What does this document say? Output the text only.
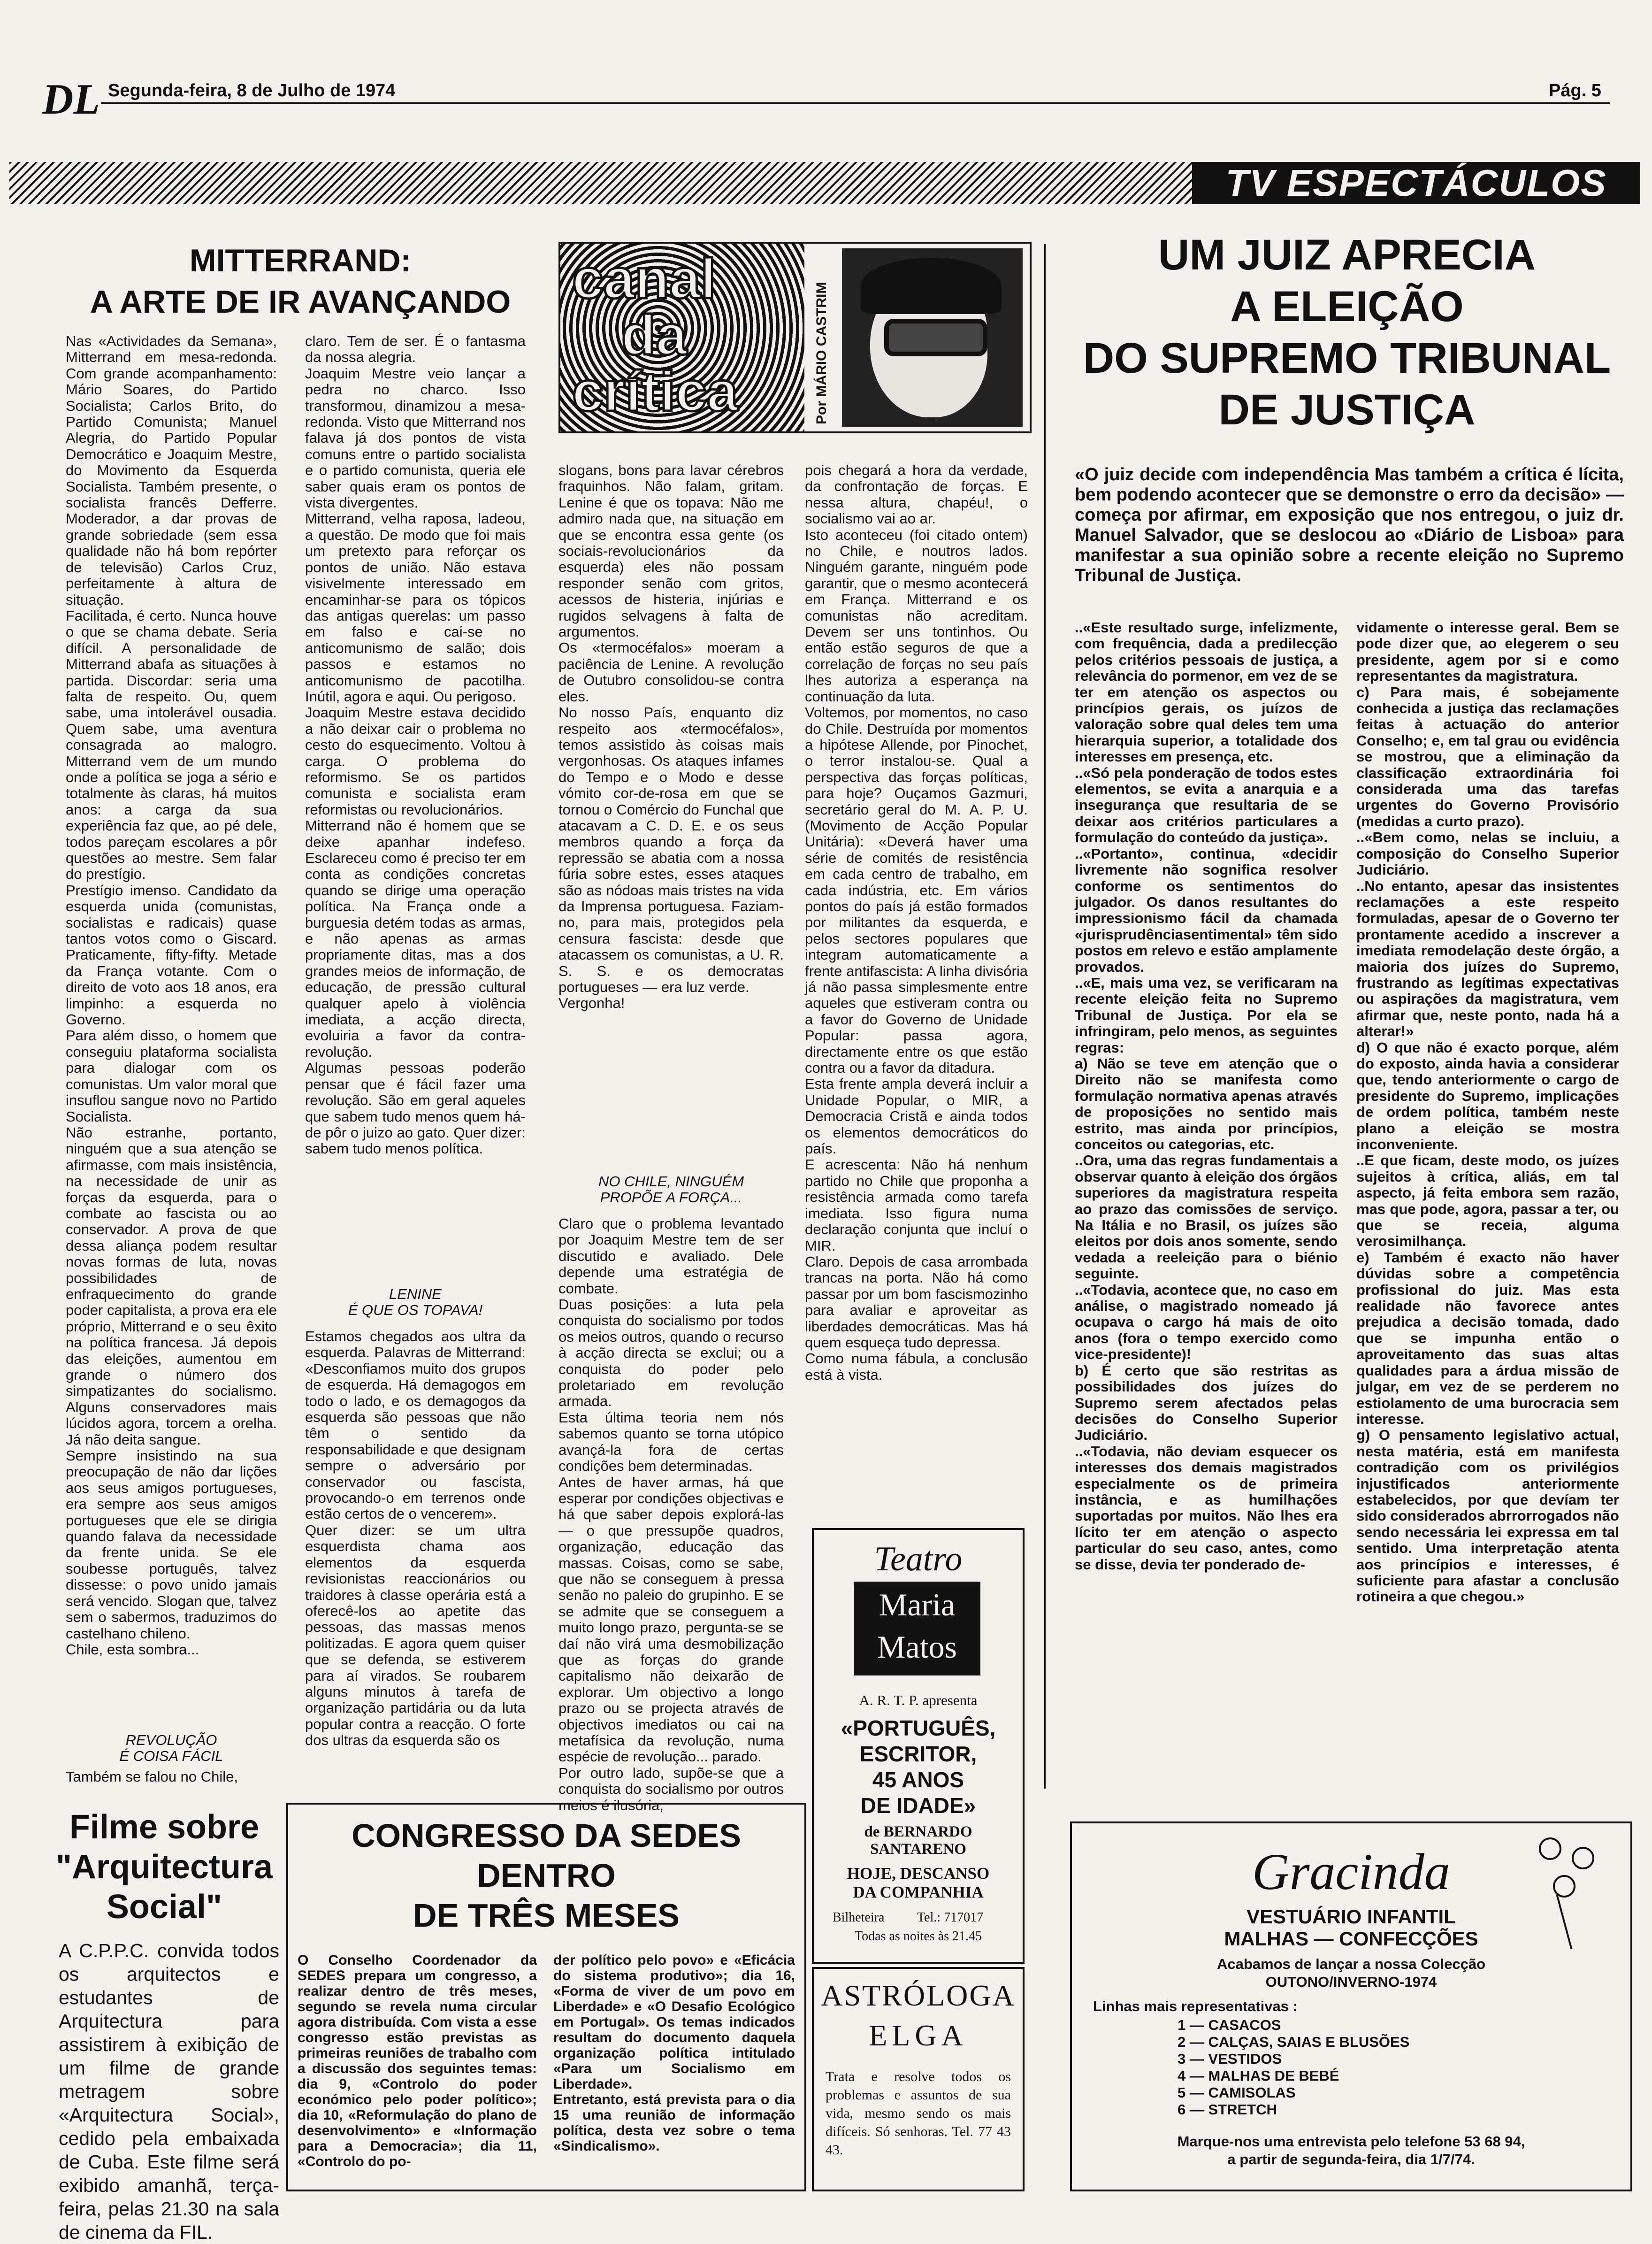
DL Segunda-feira, 8 de Julho de 1974	Pág. 5
TV ESPECTÁCULOS
MITTERRAND:
A ARTE DE IR AVANÇANDO
Nas «Actividades da Semana», Mitterrand em mesa-redonda. Com grande acompanhamento: Mário Soares, do Partido Socialista; Carlos Brito, do Partido Comunista; Manuel Alegria, do Partido Popular Democrático e Joaquim Mestre, do Movimento da Esquerda Socialista. Também presente, o socialista francês Defferre. Moderador, a dar provas de grande sobriedade (sem essa qualidade não há bom repórter de televisão) Carlos Cruz, perfeitamente à altura de situação.
Facilitada, é certo. Nunca houve o que se chama debate. Seria difícil. A personalidade de Mitterrand abafa as situações à partida. Discordar: seria uma falta de respeito. Ou, quem sabe, uma intolerável ousadia. Quem sabe, uma aventura consagrada ao malogro. Mitterrand vem de um mundo onde a política se joga a sério e totalmente às claras, há muitos anos: a carga da sua experiência faz que, ao pé dele, todos pareçam escolares a pôr questões ao mestre. Sem falar do prestígio.
Prestígio imenso. Candidato da esquerda unida (comunistas, socialistas e radicais) quase tantos votos como o Giscard. Praticamente, fifty-fifty. Metade da França votante. Com o direito de voto aos 18 anos, era limpinho: a esquerda no Governo.
Para além disso, o homem que conseguiu plataforma socialista para dialogar com os comunistas. Um valor moral que insuflou sangue novo no Partido Socialista.
Não estranhe, portanto, ninguém que a sua atenção se afirmasse, com mais insistência, na necessidade de unir as forças da esquerda, para o combate ao fascista ou ao conservador. A prova de que dessa aliança podem resultar novas formas de luta, novas possibilidades de enfraquecimento do grande poder capitalista, a prova era ele próprio, Mitterrand e o seu êxito na política francesa. Já depois das eleições, aumentou em grande o número dos simpatizantes do socialismo. Alguns conservadores mais lúcidos agora, torcem a orelha. Já não deita sangue.
Sempre insistindo na sua preocupação de não dar lições aos seus amigos portugueses, era sempre aos seus amigos portugueses que ele se dirigia quando falava da necessidade da frente unida. Se ele soubesse português, talvez dissesse: o povo unido jamais será vencido. Slogan que, talvez sem o sabermos, traduzimos do castelhano chileno.
Chile, esta sombra...
REVOLUÇÃO
É COISA FÁCIL
Também se falou no Chile,
claro. Tem de ser. É o fantasma da nossa alegria.
Joaquim Mestre veio lançar a pedra no charco. Isso transformou, dinamizou a mesa-redonda. Visto que Mitterrand nos falava já dos pontos de vista comuns entre o partido socialista e o partido comunista, queria ele saber quais eram os pontos de vista divergentes.
Mitterrand, velha raposa, ladeou, a questão. De modo que foi mais um pretexto para reforçar os pontos de união. Não estava visivelmente interessado em encaminhar-se para os tópicos das antigas querelas: um passo em falso e cai-se no anticomunismo de salão; dois passos e estamos no anticomunismo de pacotilha. Inútil, agora e aqui. Ou perigoso.
Joaquim Mestre estava decidido a não deixar cair o problema no cesto do esquecimento. Voltou à carga. O problema do reformismo. Se os partidos comunista e socialista eram reformistas ou revolucionários.
Mitterrand não é homem que se deixe apanhar indefeso. Esclareceu como é preciso ter em conta as condições concretas quando se dirige uma operação política. Na França onde a burguesia detém todas as armas, e não apenas as armas propriamente ditas, mas a dos grandes meios de informação, de educação, de pressão cultural qualquer apelo à violência imediata, a acção directa, evoluiria a favor da contra-revolução.
Algumas pessoas poderão pensar que é fácil fazer uma revolução. São em geral aqueles que sabem tudo menos quem há-de pôr o juizo ao gato. Quer dizer: sabem tudo menos política.
LENINE
É QUE OS TOPAVA!
Estamos chegados aos ultra da esquerda. Palavras de Mitterrand: «Desconfiamos muito dos grupos de esquerda. Há demagogos em todo o lado, e os demagogos da esquerda são pessoas que não têm o sentido da responsabilidade e que designam sempre o adversário por conservador ou fascista, provocando-o em terrenos onde estão certos de o vencerem».
Quer dizer: se um ultra esquerdista chama aos elementos da esquerda revisionistas reaccionários ou traidores à classe operária está a oferecê-los ao apetite das pessoas, das massas menos politizadas. E agora quem quiser que se defenda, se estiverem para aí virados. Se roubarem alguns minutos à tarefa de organização partidária ou da luta popular contra a reacção. O forte dos ultras da esquerda são os
canal
da
crítica	Por MÁRIO CASTRIM
slogans, bons para lavar cérebros fraquinhos. Não falam, gritam. Lenine é que os topava: Não me admiro nada que, na situação em que se encontra essa gente (os sociais-revolucionários da esquerda) eles não possam responder senão com gritos, acessos de histeria, injúrias e rugidos selvagens à falta de argumentos.
Os «termocéfalos» moeram a paciência de Lenine. A revolução de Outubro consolidou-se contra eles.
No nosso País, enquanto diz respeito aos «termocéfalos», temos assistido às coisas mais vergonhosas. Os ataques infames do Tempo e o Modo e desse vómito cor-de-rosa em que se tornou o Comércio do Funchal que atacavam a C. D. E. e os seus membros quando a força da repressão se abatia com a nossa fúria sobre estes, esses ataques são as nódoas mais tristes na vida da Imprensa portuguesa. Faziam-no, para mais, protegidos pela censura fascista: desde que atacassem os comunistas, a U. R. S. S. e os democratas portugueses — era luz verde.
Vergonha!
NO CHILE, NINGUÉM
PROPÕE A FORÇA...
Claro que o problema levantado por Joaquim Mestre tem de ser discutido e avaliado. Dele depende uma estratégia de combate.
Duas posições: a luta pela conquista do socialismo por todos os meios outros, quando o recurso à acção directa se exclui; ou a conquista do poder pelo proletariado em revolução armada.
Esta última teoria nem nós sabemos quanto se torna utópico avançá-la fora de certas condições bem determinadas.
Antes de haver armas, há que esperar por condições objectivas e há que saber depois explorá-las — o que pressupõe quadros, organização, educação das massas. Coisas, como se sabe, que não se conseguem à pressa senão no paleio do grupinho. E se se admite que se conseguem a muito longo prazo, pergunta-se se daí não virá uma desmobilização que as forças do grande capitalismo não deixarão de explorar. Um objectivo a longo prazo ou se projecta através de objectivos imediatos ou cai na metafísica da revolução, numa espécie de revolução... parado.
Por outro lado, supõe-se que a conquista do socialismo por outros meios é ilusória,
pois chegará a hora da verdade, da confrontação de forças. E nessa altura, chapéu!, o socialismo vai ao ar.
Isto aconteceu (foi citado ontem) no Chile, e noutros lados. Ninguém garante, ninguém pode garantir, que o mesmo acontecerá em França. Mitterrand e os comunistas não acreditam. Devem ser uns tontinhos. Ou então estão seguros de que a correlação de forças no seu país lhes autoriza a esperança na continuação da luta.
Voltemos, por momentos, no caso do Chile. Destruída por momentos a hipótese Allende, por Pinochet, o terror instalou-se. Qual a perspectiva das forças políticas, para hoje? Ouçamos Gazmuri, secretário geral do M. A. P. U. (Movimento de Acção Popular Unitária): «Deverá haver uma série de comités de resistência em cada centro de trabalho, em cada indústria, etc. Em vários pontos do país já estão formados por militantes da esquerda, e pelos sectores populares que integram automaticamente a frente antifascista: A linha divisória já não passa simplesmente entre aqueles que estiveram contra ou a favor do Governo de Unidade Popular: passa agora, directamente entre os que estão contra ou a favor da ditadura.
Esta frente ampla deverá incluir a Unidade Popular, o MIR, a Democracia Cristã e ainda todos os elementos democráticos do país.
E acrescenta: Não há nenhum partido no Chile que proponha a resistência armada como tarefa imediata. Isso figura numa declaração conjunta que incluí o MIR.
Claro. Depois de casa arrombada trancas na porta. Não há como passar por um bom fascismozinho para avaliar e aproveitar as liberdades democráticas. Mas há quem esqueça tudo depressa.
Como numa fábula, a conclusão está à vista.
UM JUIZ APRECIA
A ELEIÇÃO
DO SUPREMO TRIBUNAL
DE JUSTIÇA
«O juiz decide com independência Mas também a crítica é lícita, bem podendo acontecer que se demonstre o erro da decisão» — começa por afirmar, em exposição que nos entregou, o juiz dr. Manuel Salvador, que se deslocou ao «Diário de Lisboa» para manifestar a sua opinião sobre a recente eleição no Supremo Tribunal de Justiça.
..«Este resultado surge, infelizmente, com frequência, dada a predilecção pelos critérios pessoais de justiça, a relevância do pormenor, em vez de se ter em atenção os aspectos ou princípios gerais, os juízos de valoração sobre qual deles tem uma hierarquia superior, a totalidade dos interesses em presença, etc.
..«Só pela ponderação de todos estes elementos, se evita a anarquia e a insegurança que resultaria de se deixar aos critérios particulares a formulação do conteúdo da justiça».
..«Portanto», continua, «decidir livremente não sognifica resolver conforme os sentimentos do julgador. Os danos resultantes do impressionismo fácil da chamada «jurisprudênciasentimental» têm sido postos em relevo e estão amplamente provados.
..«E, mais uma vez, se verificaram na recente eleição feita no Supremo Tribunal de Justiça. Por ela se infringiram, pelo menos, as seguintes regras:
a) Não se teve em atenção que o Direito não se manifesta como formulação normativa apenas através de proposições no sentido mais estrito, mas ainda por princípios, conceitos ou categorias, etc.
..Ora, uma das regras fundamentais a observar quanto à eleição dos órgãos superiores da magistratura respeita ao prazo das comissões de serviço. Na Itália e no Brasil, os juízes são eleitos por dois anos somente, sendo vedada a reeleição para o biénio seguinte.
..«Todavia, acontece que, no caso em análise, o magistrado nomeado já ocupava o cargo há mais de oito anos (fora o tempo exercido como vice-presidente)!
b) É certo que são restritas as possibilidades dos juízes do Supremo serem afectados pelas decisões do Conselho Superior Judiciário.
..«Todavia, não deviam esquecer os interesses dos demais magistrados especialmente os de primeira instância, e as humilhações suportadas por muitos. Não lhes era lícito ter em atenção o aspecto particular do seu caso, antes, como se disse, devia ter ponderado de-
vidamente o interesse geral. Bem se pode dizer que, ao elegerem o seu presidente, agem por si e como representantes da magistratura.
c) Para mais, é sobejamente conhecida a justiça das reclamações feitas à actuação do anterior Conselho; e, em tal grau ou evidência se mostrou, que a eliminação da classificação extraordinária foi considerada uma das tarefas urgentes do Governo Provisório (medidas a curto prazo).
..«Bem como, nelas se incluiu, a composição do Conselho Superior Judiciário.
..No entanto, apesar das insistentes reclamações a este respeito formuladas, apesar de o Governo ter prontamente acedido a inscrever a imediata remodelação deste órgão, a maioria dos juízes do Supremo, frustrando as legítimas expectativas ou aspirações da magistratura, vem afirmar que, neste ponto, nada há a alterar!»
d) O que não é exacto porque, além do exposto, ainda havia a considerar que, tendo anteriormente o cargo de presidente do Supremo, implicações de ordem política, também neste plano a eleição se mostra inconveniente.
..E que ficam, deste modo, os juízes sujeitos à crítica, aliás, em tal aspecto, já feita embora sem razão, mas que pode, agora, passar a ter, ou que se receia, alguma verosimilhança.
e) Também é exacto não haver dúvidas sobre a competência profissional do juiz. Mas esta realidade não favorece antes prejudica a decisão tomada, dado que se impunha então o aproveitamento das suas altas qualidades para a árdua missão de julgar, em vez de se perderem no estiolamento de uma burocracia sem interesse.
g) O pensamento legislativo actual, nesta matéria, está em manifesta contradição com os privilégios injustificados anteriormente estabelecidos, por que devíam ter sido considerados abrrorrogados não sendo necessária lei expressa em tal sentido. Uma interpretação atenta aos princípios e interesses, é suficiente para afastar a conclusão rotineira a que chegou.»
Filme sobre
"Arquitectura
Social"
A C.P.P.C. convida todos os arquitectos e estudantes de Arquitectura para assistirem à exibição de um filme de grande metragem sobre «Arquitectura Social», cedido pela embaixada de Cuba. Este filme será exibido amanhã, terça-feira, pelas 21.30 na sala de cinema da FIL.
CONGRESSO DA SEDES
DENTRO
DE TRÊS MESES
O Conselho Coordenador da SEDES prepara um congresso, a realizar dentro de três meses, segundo se revela numa circular agora distribuída. Com vista a esse congresso estão previstas as primeiras reuniões de trabalho com a discussão dos seguintes temas: dia 9, «Controlo do poder económico pelo poder político»; dia 10, «Reformulação do plano de desenvolvimento» e «Informação para a Democracia»; dia 11, «Controlo do po-
der político pelo povo» e «Eficácia do sistema produtivo»; dia 16, «Forma de viver de um povo em Liberdade» e «O Desafio Ecológico em Portugal». Os temas indicados resultam do documento daquela organização política intitulado «Para um Socialismo em Liberdade».
Entretanto, está prevista para o dia 15 uma reunião de informação política, desta vez sobre o tema «Sindicalismo».
Teatro
Maria
Matos
A. R. T. P. apresenta
«PORTUGUÊS,
ESCRITOR,
45 ANOS
DE IDADE»
de BERNARDO
SANTARENO
HOJE, DESCANSO
DA COMPANHIA
Bilheteira Tel.: 717017
Todas as noites às 21.45
ASTRÓLOGA
ELGA
Trata e resolve todos os problemas e assuntos de sua vida, mesmo sendo os mais difíceis. Só senhoras. Tel. 77 43 43.
Gracinda
VESTUÁRIO INFANTIL
MALHAS — CONFECÇÕES
Acabamos de lançar a nossa Colecção
OUTONO/INVERNO-1974
Linhas mais representativas :
1 — CASACOS
2 — CALÇAS, SAIAS E BLUSÕES
3 — VESTIDOS
4 — MALHAS DE BEBÉ
5 — CAMISOLAS
6 — STRETCH
Marque-nos uma entrevista pelo telefone 53 68 94,
a partir de segunda-feira, dia 1/7/74.
